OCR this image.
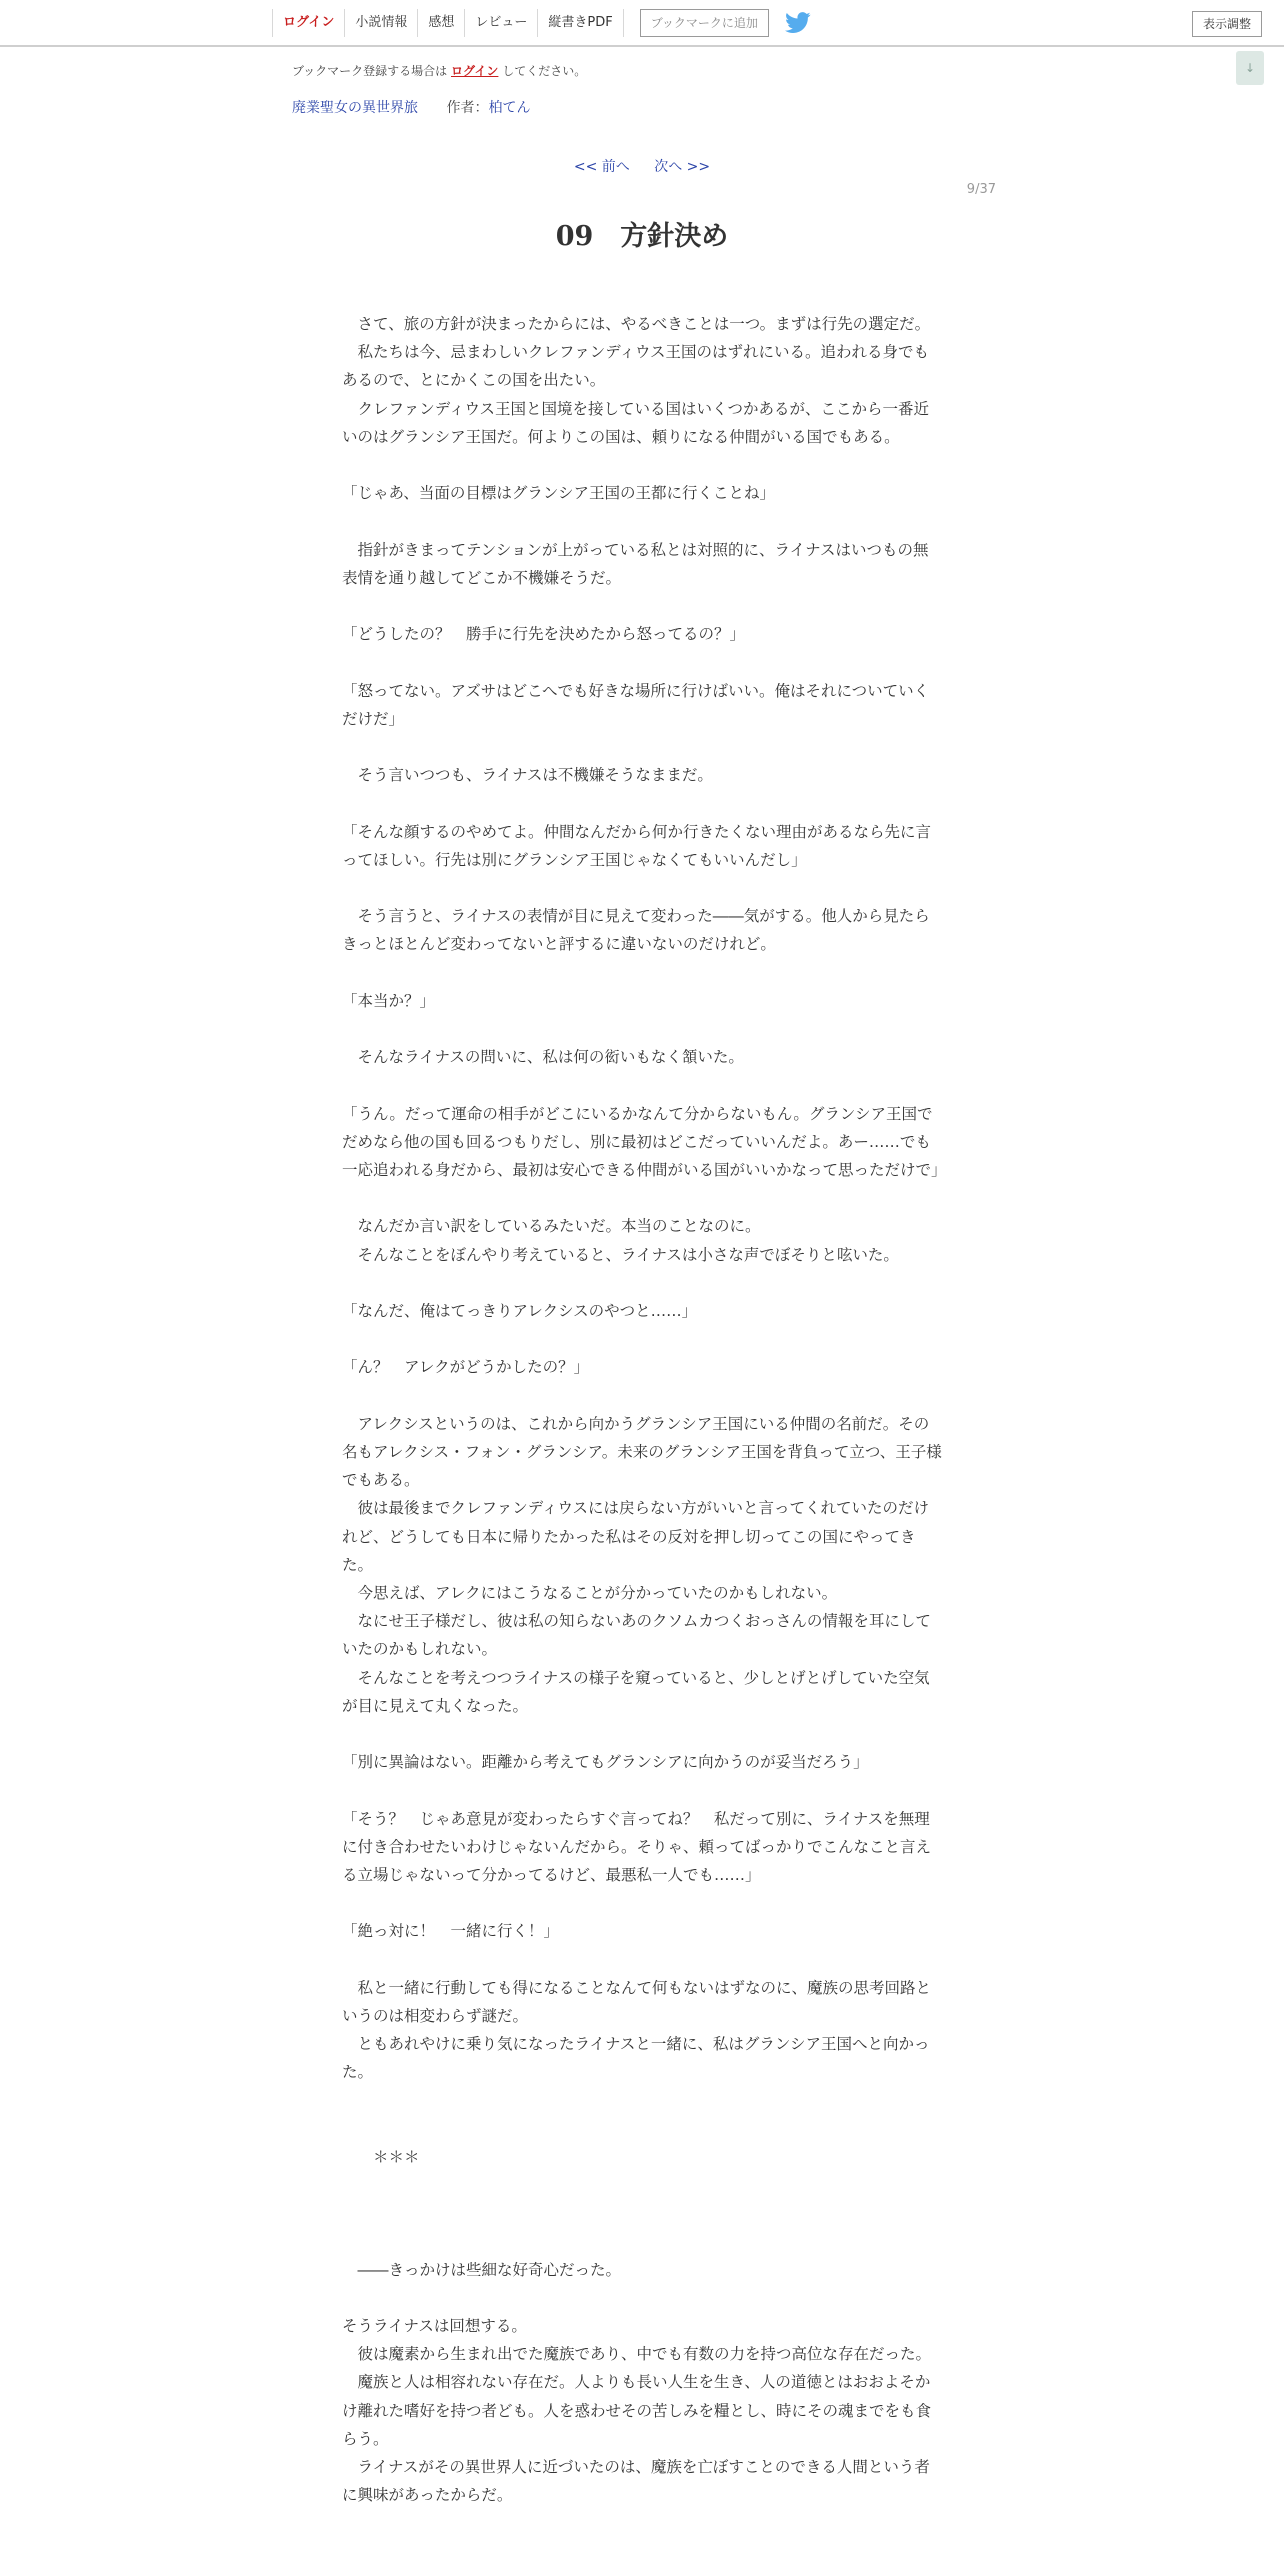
ログイン	小説情報	感想	レビュー	縦書きPDF	ブックマークに追加	表示調整
↓
ブックマーク登録する場合は ログイン してください。
廃業聖女の異世界旅 作者：柏てん
<< 前へ 次へ >>
9/37
09　方針決め

　さて、旅の方針が決まったからには、やるべきことは一つ。まずは行先の選定だ。

　私たちは今、忌まわしいクレファンディウス王国のはずれにいる。追われる身でもあるので、とにかくこの国を出たい。

　クレファンディウス王国と国境を接している国はいくつかあるが、ここから一番近いのはグランシア王国だ。何よりこの国は、頼りになる仲間がいる国でもある。

「じゃあ、当面の目標はグランシア王国の王都に行くことね」

　指針がきまってテンションが上がっている私とは対照的に、ライナスはいつもの無表情を通り越してどこか不機嫌そうだ。

「どうしたの？　勝手に行先を決めたから怒ってるの？」

「怒ってない。アズサはどこへでも好きな場所に行けばいい。俺はそれについていくだけだ」

　そう言いつつも、ライナスは不機嫌そうなままだ。

「そんな顔するのやめてよ。仲間なんだから何か行きたくない理由があるなら先に言ってほしい。行先は別にグランシア王国じゃなくてもいいんだし」

　そう言うと、ライナスの表情が目に見えて変わった――気がする。他人から見たらきっとほとんど変わってないと評するに違いないのだけれど。

「本当か？」

　そんなライナスの問いに、私は何の衒いもなく頷いた。

「うん。だって運命の相手がどこにいるかなんて分からないもん。グランシア王国でだめなら他の国も回るつもりだし、別に最初はどこだっていいんだよ。あー……でも一応追われる身だから、最初は安心できる仲間がいる国がいいかなって思っただけで」

　なんだか言い訳をしているみたいだ。本当のことなのに。

　そんなことをぼんやり考えていると、ライナスは小さな声でぼそりと呟いた。

「なんだ、俺はてっきりアレクシスのやつと……」

「ん？　アレクがどうかしたの？」

　アレクシスというのは、これから向かうグランシア王国にいる仲間の名前だ。その名もアレクシス・フォン・グランシア。未来のグランシア王国を背負って立つ、王子様でもある。

　彼は最後までクレファンディウスには戻らない方がいいと言ってくれていたのだけれど、どうしても日本に帰りたかった私はその反対を押し切ってこの国にやってきた。

　今思えば、アレクにはこうなることが分かっていたのかもしれない。

　なにせ王子様だし、彼は私の知らないあのクソムカつくおっさんの情報を耳にしていたのかもしれない。

　そんなことを考えつつライナスの様子を窺っていると、少しとげとげしていた空気が目に見えて丸くなった。

「別に異論はない。距離から考えてもグランシアに向かうのが妥当だろう」

「そう？　じゃあ意見が変わったらすぐ言ってね？　私だって別に、ライナスを無理に付き合わせたいわけじゃないんだから。そりゃ、頼ってばっかりでこんなこと言える立場じゃないって分かってるけど、最悪私一人でも……」

「絶っ対に！　一緒に行く！」

　私と一緒に行動しても得になることなんて何もないはずなのに、魔族の思考回路というのは相変わらず謎だ。

　ともあれやけに乗り気になったライナスと一緒に、私はグランシア王国へと向かった。

　　＊＊＊

　――きっかけは些細な好奇心だった。

そうライナスは回想する。

　彼は魔素から生まれ出でた魔族であり、中でも有数の力を持つ高位な存在だった。

　魔族と人は相容れない存在だ。人よりも長い人生を生き、人の道徳とはおおよそかけ離れた嗜好を持つ者ども。人を惑わせその苦しみを糧とし、時にその魂までをも食らう。

　ライナスがその異世界人に近づいたのは、魔族を亡ぼすことのできる人間という者に興味があったからだ。
